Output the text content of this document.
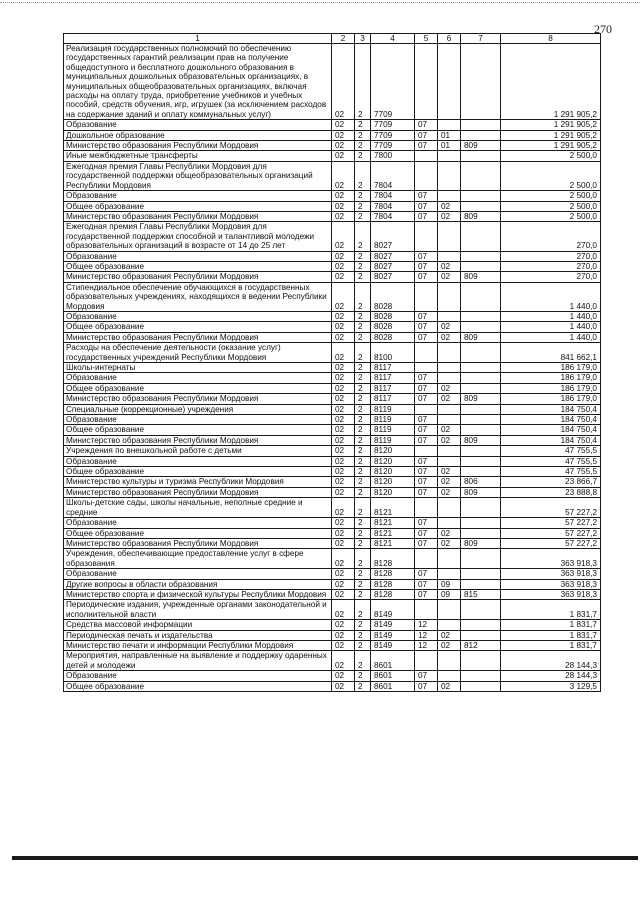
270
1	2	3	4	5	6	7	8
Реализация государственных полномочий по обеспечению государственных гарантий реализации прав на получение общедоступного и бесплатного дошкольного образования в муниципальных дошкольных образовательных организациях, в муниципальных общеобразовательных организациях, включая расходы на оплату труда, приобретение учебников и учебных пособий, средств обучения, игр, игрушек (за исключением расходов на содержание зданий и оплату коммунальных услуг)	02	2	7709				1 291 905,2
Образование	02	2	7709	07			1 291 905,2
Дошкольное образование	02	2	7709	07	01		1 291 905,2
Министерство образования Республики Мордовия	02	2	7709	07	01	809	1 291 905,2
Иные межбюджетные трансферты	02	2	7800				2 500,0
Ежегодная премия Главы Республики Мордовия для государственной поддержки общеобразовательных организаций Республики Мордовия	02	2	7804				2 500,0
Образование	02	2	7804	07			2 500,0
Общее образование	02	2	7804	07	02		2 500,0
Министерство образования Республики Мордовия	02	2	7804	07	02	809	2 500,0
Ежегодная премия Главы Республики Мордовия для государственной поддержки способной и талантливой молодежи образовательных организаций в возрасте от 14 до 25 лет	02	2	8027				270,0
Образование	02	2	8027	07			270,0
Общее образование	02	2	8027	07	02		270,0
Министерство образования Республики Мордовия	02	2	8027	07	02	809	270,0
Стипендиальное обеспечение обучающихся в государственных образовательных учреждениях, находящихся в ведении Республики Мордовия	02	2	8028				1 440,0
Образование	02	2	8028	07			1 440,0
Общее образование	02	2	8028	07	02		1 440,0
Министерство образования Республики Мордовия	02	2	8028	07	02	809	1 440,0
Расходы на обеспечение деятельности (оказание услуг) государственных учреждений Республики Мордовия	02	2	8100				841 662,1
Школы-интернаты	02	2	8117				186 179,0
Образование	02	2	8117	07			186 179,0
Общее образование	02	2	8117	07	02		186 179,0
Министерство образования Республики Мордовия	02	2	8117	07	02	809	186 179,0
Специальные (коррекционные) учреждения	02	2	8119				184 750,4
Образование	02	2	8119	07			184 750,4
Общее образование	02	2	8119	07	02		184 750,4
Министерство образования Республики Мордовия	02	2	8119	07	02	809	184 750,4
Учреждения по внешкольной работе с детьми	02	2	8120				47 755,5
Образование	02	2	8120	07			47 755,5
Общее образование	02	2	8120	07	02		47 755,5
Министерство культуры и туризма Республики Мордовия	02	2	8120	07	02	806	23 866,7
Министерство образования Республики Мордовия	02	2	8120	07	02	809	23 888,8
Школы-детские сады, школы начальные, неполные средние и средние	02	2	8121				57 227,2
Образование	02	2	8121	07			57 227,2
Общее образование	02	2	8121	07	02		57 227,2
Министерство образования Республики Мордовия	02	2	8121	07	02	809	57 227,2
Учреждения, обеспечивающие предоставление услуг в сфере образования	02	2	8128				363 918,3
Образование	02	2	8128	07			363 918,3
Другие вопросы в области образования	02	2	8128	07	09		363 918,3
Министерство спорта и физической культуры Республики Мордовия	02	2	8128	07	09	815	363 918,3
Периодические издания, учрежденные органами законодательной и исполнительной власти	02	2	8149				1 831,7
Средства массовой информации	02	2	8149	12			1 831,7
Периодическая печать и издательства	02	2	8149	12	02		1 831,7
Министерство печати и информации Республики Мордовия	02	2	8149	12	02	812	1 831,7
Мероприятия, направленные на выявление и поддержку одаренных детей и молодежи	02	2	8601				28 144,3
Образование	02	2	8601	07			28 144,3
Общее образование	02	2	8601	07	02		3 129,5
